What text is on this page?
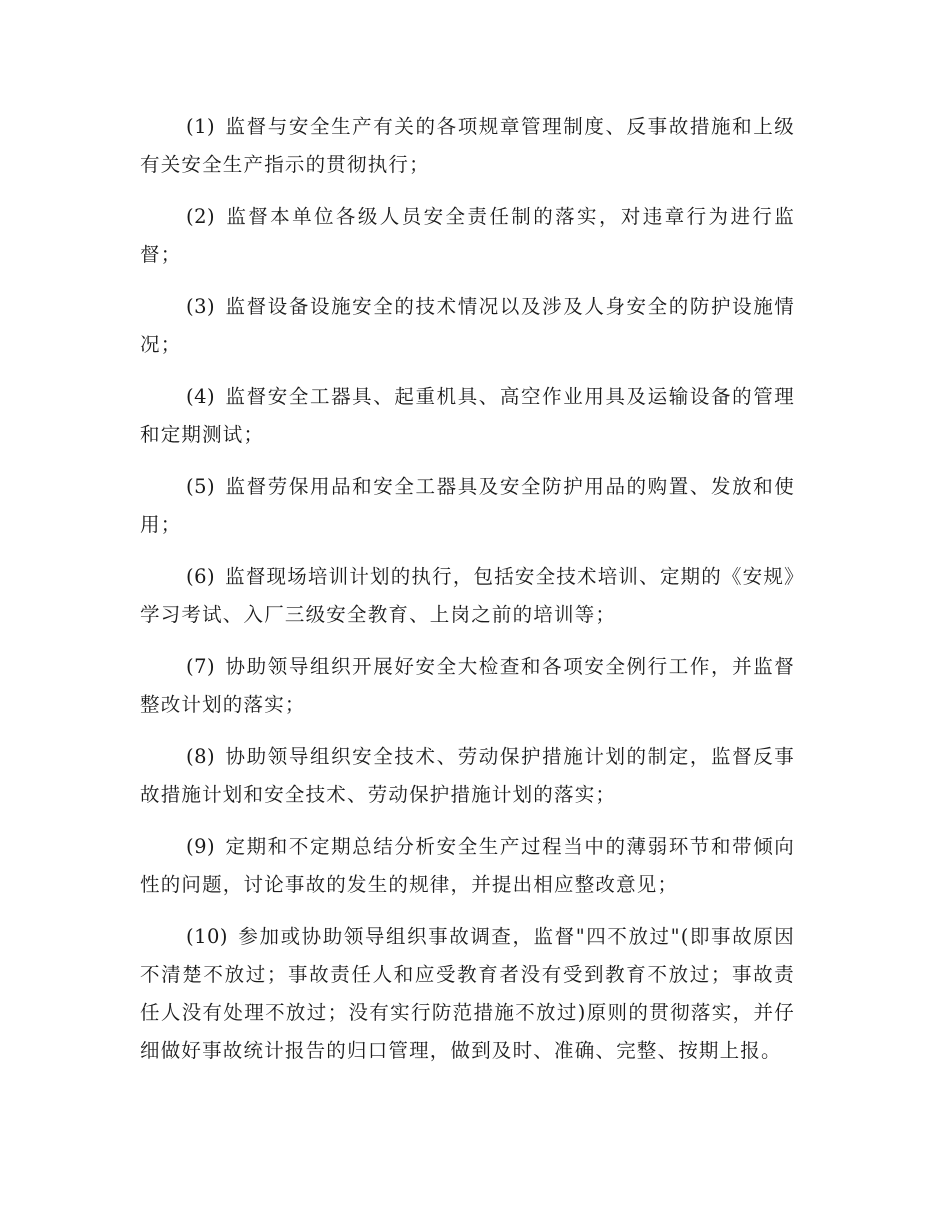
(1) 监督与安全生产有关的各项规章管理制度、反事故措施和上级有关安全生产指示的贯彻执行；

(2) 监督本单位各级人员安全责任制的落实，对违章行为进行监督；

(3) 监督设备设施安全的技术情况以及涉及人身安全的防护设施情况；

(4) 监督安全工器具、起重机具、高空作业用具及运输设备的管理和定期测试；

(5) 监督劳保用品和安全工器具及安全防护用品的购置、发放和使用；

(6) 监督现场培训计划的执行，包括安全技术培训、定期的《安规》学习考试、入厂三级安全教育、上岗之前的培训等；

(7) 协助领导组织开展好安全大检查和各项安全例行工作，并监督整改计划的落实；

(8) 协助领导组织安全技术、劳动保护措施计划的制定，监督反事故措施计划和安全技术、劳动保护措施计划的落实；

(9) 定期和不定期总结分析安全生产过程当中的薄弱环节和带倾向性的问题，讨论事故的发生的规律，并提出相应整改意见；

(10) 参加或协助领导组织事故调查，监督"四不放过"(即事故原因不清楚不放过；事故责任人和应受教育者没有受到教育不放过；事故责任人没有处理不放过；没有实行防范措施不放过)原则的贯彻落实，并仔细做好事故统计报告的归口管理，做到及时、准确、完整、按期上报。
